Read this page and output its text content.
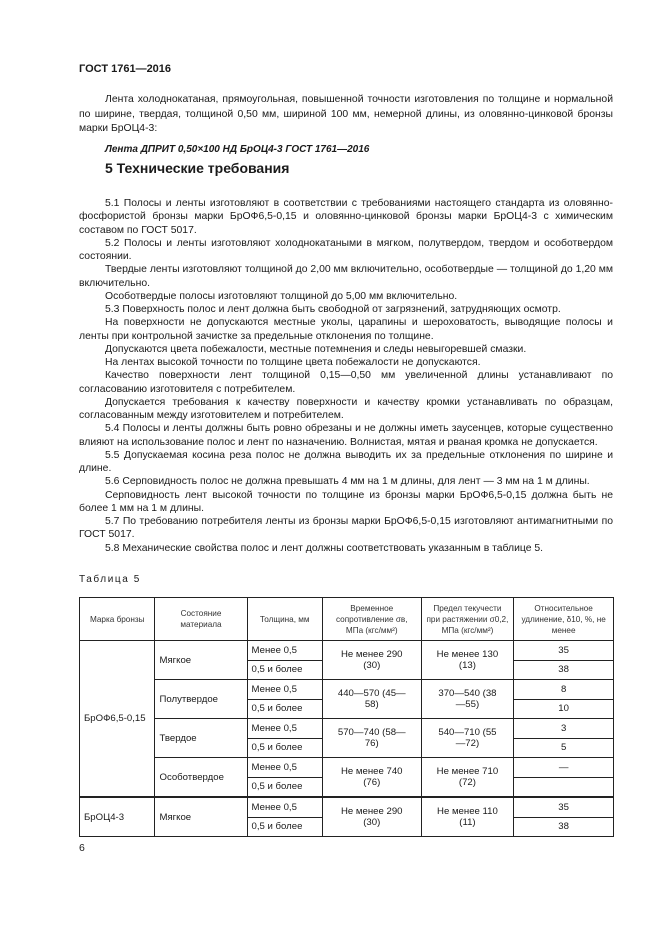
ГОСТ 1761—2016

Лента холоднокатаная, прямоугольная, повышенной точности изготовления по толщине и нормальной по ширине, твердая, толщиной 0,50 мм, шириной 100 мм, немерной длины, из оловянно-цинковой бронзы марки БрОЦ4-3:

Лента ДПРИТ 0,50×100 НД БрОЦ4-3 ГОСТ 1761—2016

5 Технические требования

5.1 Полосы и ленты изготовляют в соответствии с требованиями настоящего стандарта из оловянно-фосфористой бронзы марки БрОФ6,5-0,15 и оловянно-цинковой бронзы марки БрОЦ4-3 с химическим составом по ГОСТ 5017.

5.2 Полосы и ленты изготовляют холоднокатаными в мягком, полутвердом, твердом и особотвердом состоянии.

Твердые ленты изготовляют толщиной до 2,00 мм включительно, особотвердые — толщиной до 1,20 мм включительно.

Особотвердые полосы изготовляют толщиной до 5,00 мм включительно.

5.3 Поверхность полос и лент должна быть свободной от загрязнений, затрудняющих осмотр.

На поверхности не допускаются местные уколы, царапины и шероховатость, выводящие полосы и ленты при контрольной зачистке за предельные отклонения по толщине.

Допускаются цвета побежалости, местные потемнения и следы невыгоревшей смазки.

На лентах высокой точности по толщине цвета побежалости не допускаются.

Качество поверхности лент толщиной 0,15—0,50 мм увеличенной длины устанавливают по согласованию изготовителя с потребителем.

Допускается требования к качеству поверхности и качеству кромки устанавливать по образцам, согласованным между изготовителем и потребителем.

5.4 Полосы и ленты должны быть ровно обрезаны и не должны иметь заусенцев, которые существенно влияют на использование полос и лент по назначению. Волнистая, мятая и рваная кромка не допускается.

5.5 Допускаемая косина реза полос не должна выводить их за предельные отклонения по ширине и длине.

5.6 Серповидность полос не должна превышать 4 мм на 1 м длины, для лент — 3 мм на 1 м длины.

Серповидность лент высокой точности по толщине из бронзы марки БрОФ6,5-0,15 должна быть не более 1 мм на 1 м длины.

5.7 По требованию потребителя ленты из бронзы марки БрОФ6,5-0,15 изготовляют антимагнитными по ГОСТ 5017.

5.8 Механические свойства полос и лент должны соответствовать указанным в таблице 5.

Таблица 5
Марка бронзы	Состояние материала	Толщина, мм	Временное сопротивление σв, МПа (кгс/мм²)	Предел текучести при растяжении σ0,2, МПа (кгс/мм²)	Относительное удлинение, δ10, %, не менее
БрОФ6,5-0,15	Мягкое	Менее 0,5	Не менее 290 (30)	Не менее 130 (13)	35
		0,5 и более			38
	Полутвердое	Менее 0,5	440—570 (45—58)	370—540 (38—55)	8
		0,5 и более			10
	Твердое	Менее 0,5	570—740 (58—76)	540—710 (55—72)	3
		0,5 и более			5
	Особотвердое	Менее 0,5	Не менее 740 (76)	Не менее 710 (72)	—
		0,5 и более			
БрОЦ4-3	Мягкое	Менее 0,5	Не менее 290 (30)	Не менее 110 (11)	35
		0,5 и более			38
6
